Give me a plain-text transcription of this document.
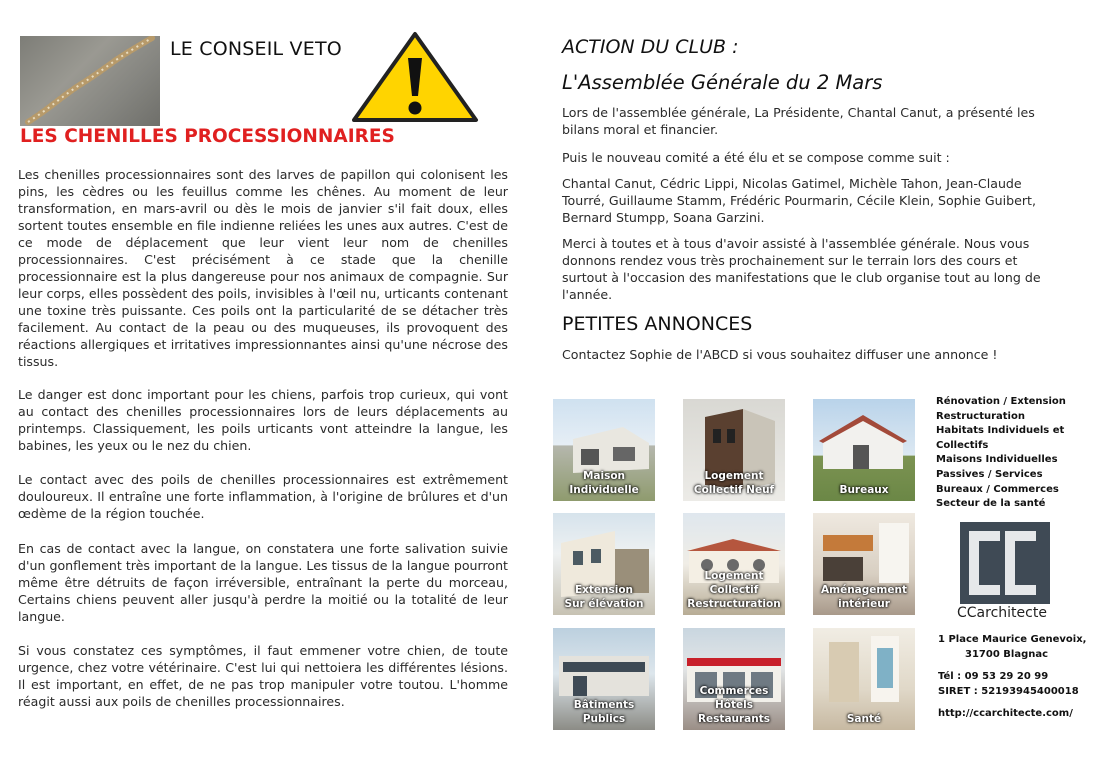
LE CONSEIL VETO
LES CHENILLES PROCESSIONNAIRES

Les chenilles processionnaires sont des larves de papillon qui colonisent les pins, les cèdres ou les feuillus comme les chênes. Au moment de leur transformation, en mars-avril ou dès le mois de janvier s'il fait doux, elles sortent toutes ensemble en file indienne reliées les unes aux autres. C'est de ce mode de déplacement que leur vient leur nom de chenilles processionnaires. C'est précisément à ce stade que la chenille processionnaire est la plus dangereuse pour nos animaux de compagnie. Sur leur corps, elles possèdent des poils, invisibles à l'œil nu, urticants contenant une toxine très puissante. Ces poils ont la particularité de se détacher très facilement. Au contact de la peau ou des muqueuses, ils provoquent des réactions allergiques et irritatives impressionnantes ainsi qu'une nécrose des tissus.

Le danger est donc important pour les chiens, parfois trop curieux, qui vont au contact des chenilles processionnaires lors de leurs déplacements au printemps. Classiquement, les poils urticants vont atteindre la langue, les babines, les yeux ou le nez du chien.

Le contact avec des poils de chenilles processionnaires est extrêmement douloureux. Il entraîne une forte inflammation, à l'origine de brûlures et d'un œdème de la région touchée.

En cas de contact avec la langue, on constatera une forte salivation suivie d'un gonflement très important de la langue. Les tissus de la langue pourront même être détruits de façon irréversible, entraînant la perte du morceau, Certains chiens peuvent aller jusqu'à perdre la moitié ou la totalité de leur langue.

Si vous constatez ces symptômes, il faut emmener votre chien, de toute urgence, chez votre vétérinaire. C'est lui qui nettoiera les différentes lésions. Il est important, en effet, de ne pas trop manipuler votre toutou. L'homme réagit aussi aux poils de chenilles processionnaires.

ACTION DU CLUB :
L'Assemblée Générale du 2 Mars

Lors de l'assemblée générale, La Présidente, Chantal Canut, a présenté les bilans moral et financier.

Puis le nouveau comité a été élu et se compose comme suit :

Chantal Canut, Cédric Lippi, Nicolas Gatimel, Michèle Tahon, Jean-Claude Tourré, Guillaume Stamm, Frédéric Pourmarin, Cécile Klein, Sophie Guibert, Bernard Stumpp, Soana Garzini.

Merci à toutes et à tous d'avoir assisté à l'assemblée générale. Nous vous donnons rendez vous très prochainement sur le terrain lors des cours et surtout à l'occasion des manifestations que le club organise tout au long de l'année.

PETITES ANNONCES

Contactez Sophie de l'ABCD si vous souhaitez diffuser une annonce !

Maison
Individuelle
Logement
Collectif Neuf	Bureaux
Extension
Sur élévation
Logement
Collectif
Restructuration
Aménagement
intérieur
Bâtiments
Publics
Commerces
Hôtels
Restaurants	Santé
Rénovation / Extension
Restructuration
Habitats Individuels et
Collectifs
Maisons Individuelles
Passives / Services
Bureaux / Commerces
Secteur de la santé
CCarchitecte
1 Place Maurice Genevoix,
31700 Blagnac
Tél : 09 53 29 20 99
SIRET : 52193945400018
http://ccarchitecte.com/
